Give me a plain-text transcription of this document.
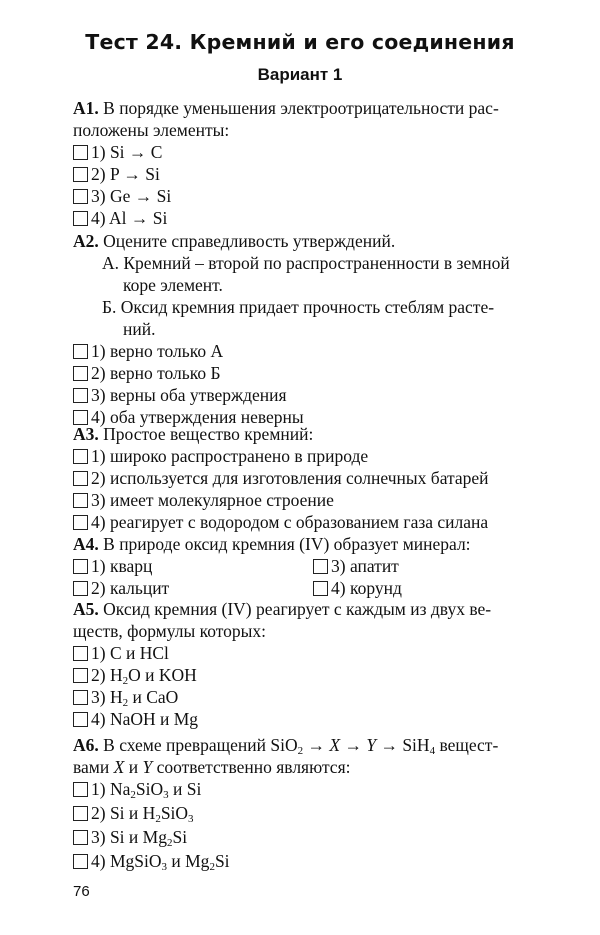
Тест 24. Кремний и его соединения
Вариант 1
A1. В порядке уменьшения электроотрицательности рас-
положены элементы:
1) Si → C
2) P → Si
3) Ge → Si
4) Al → Si
A2. Оцените справедливость утверждений.
А. Кремний – второй по распространенности в земной
коре элемент.
Б. Оксид кремния придает прочность стеблям расте-
ний.
1) верно только А
2) верно только Б
3) верны оба утверждения
4) оба утверждения неверны
A3. Простое вещество кремний:
1) широко распространено в природе
2) используется для изготовления солнечных батарей
3) имеет молекулярное строение
4) реагирует с водородом с образованием газа силана
A4. В природе оксид кремния (IV) образует минерал:
1) кварц	3) апатит
2) кальцит	4) корунд
A5. Оксид кремния (IV) реагирует с каждым из двух ве-
ществ, формулы которых:
1) C и HCl
2) $H_2O$ и KOH
3) $H_2$ и CaO
4) NaOH и Mg
A6. В схеме превращений SiO$_2$ → X → Y → SiH$_4$ вещест-
вами X и Y соответственно являются:
1) $Na_2SiO_3$ и Si
2) Si и $H_2SiO_3$
3) Si и $Mg_2Si$
4) MgSiO$_3$ и $Mg_2Si$
76
